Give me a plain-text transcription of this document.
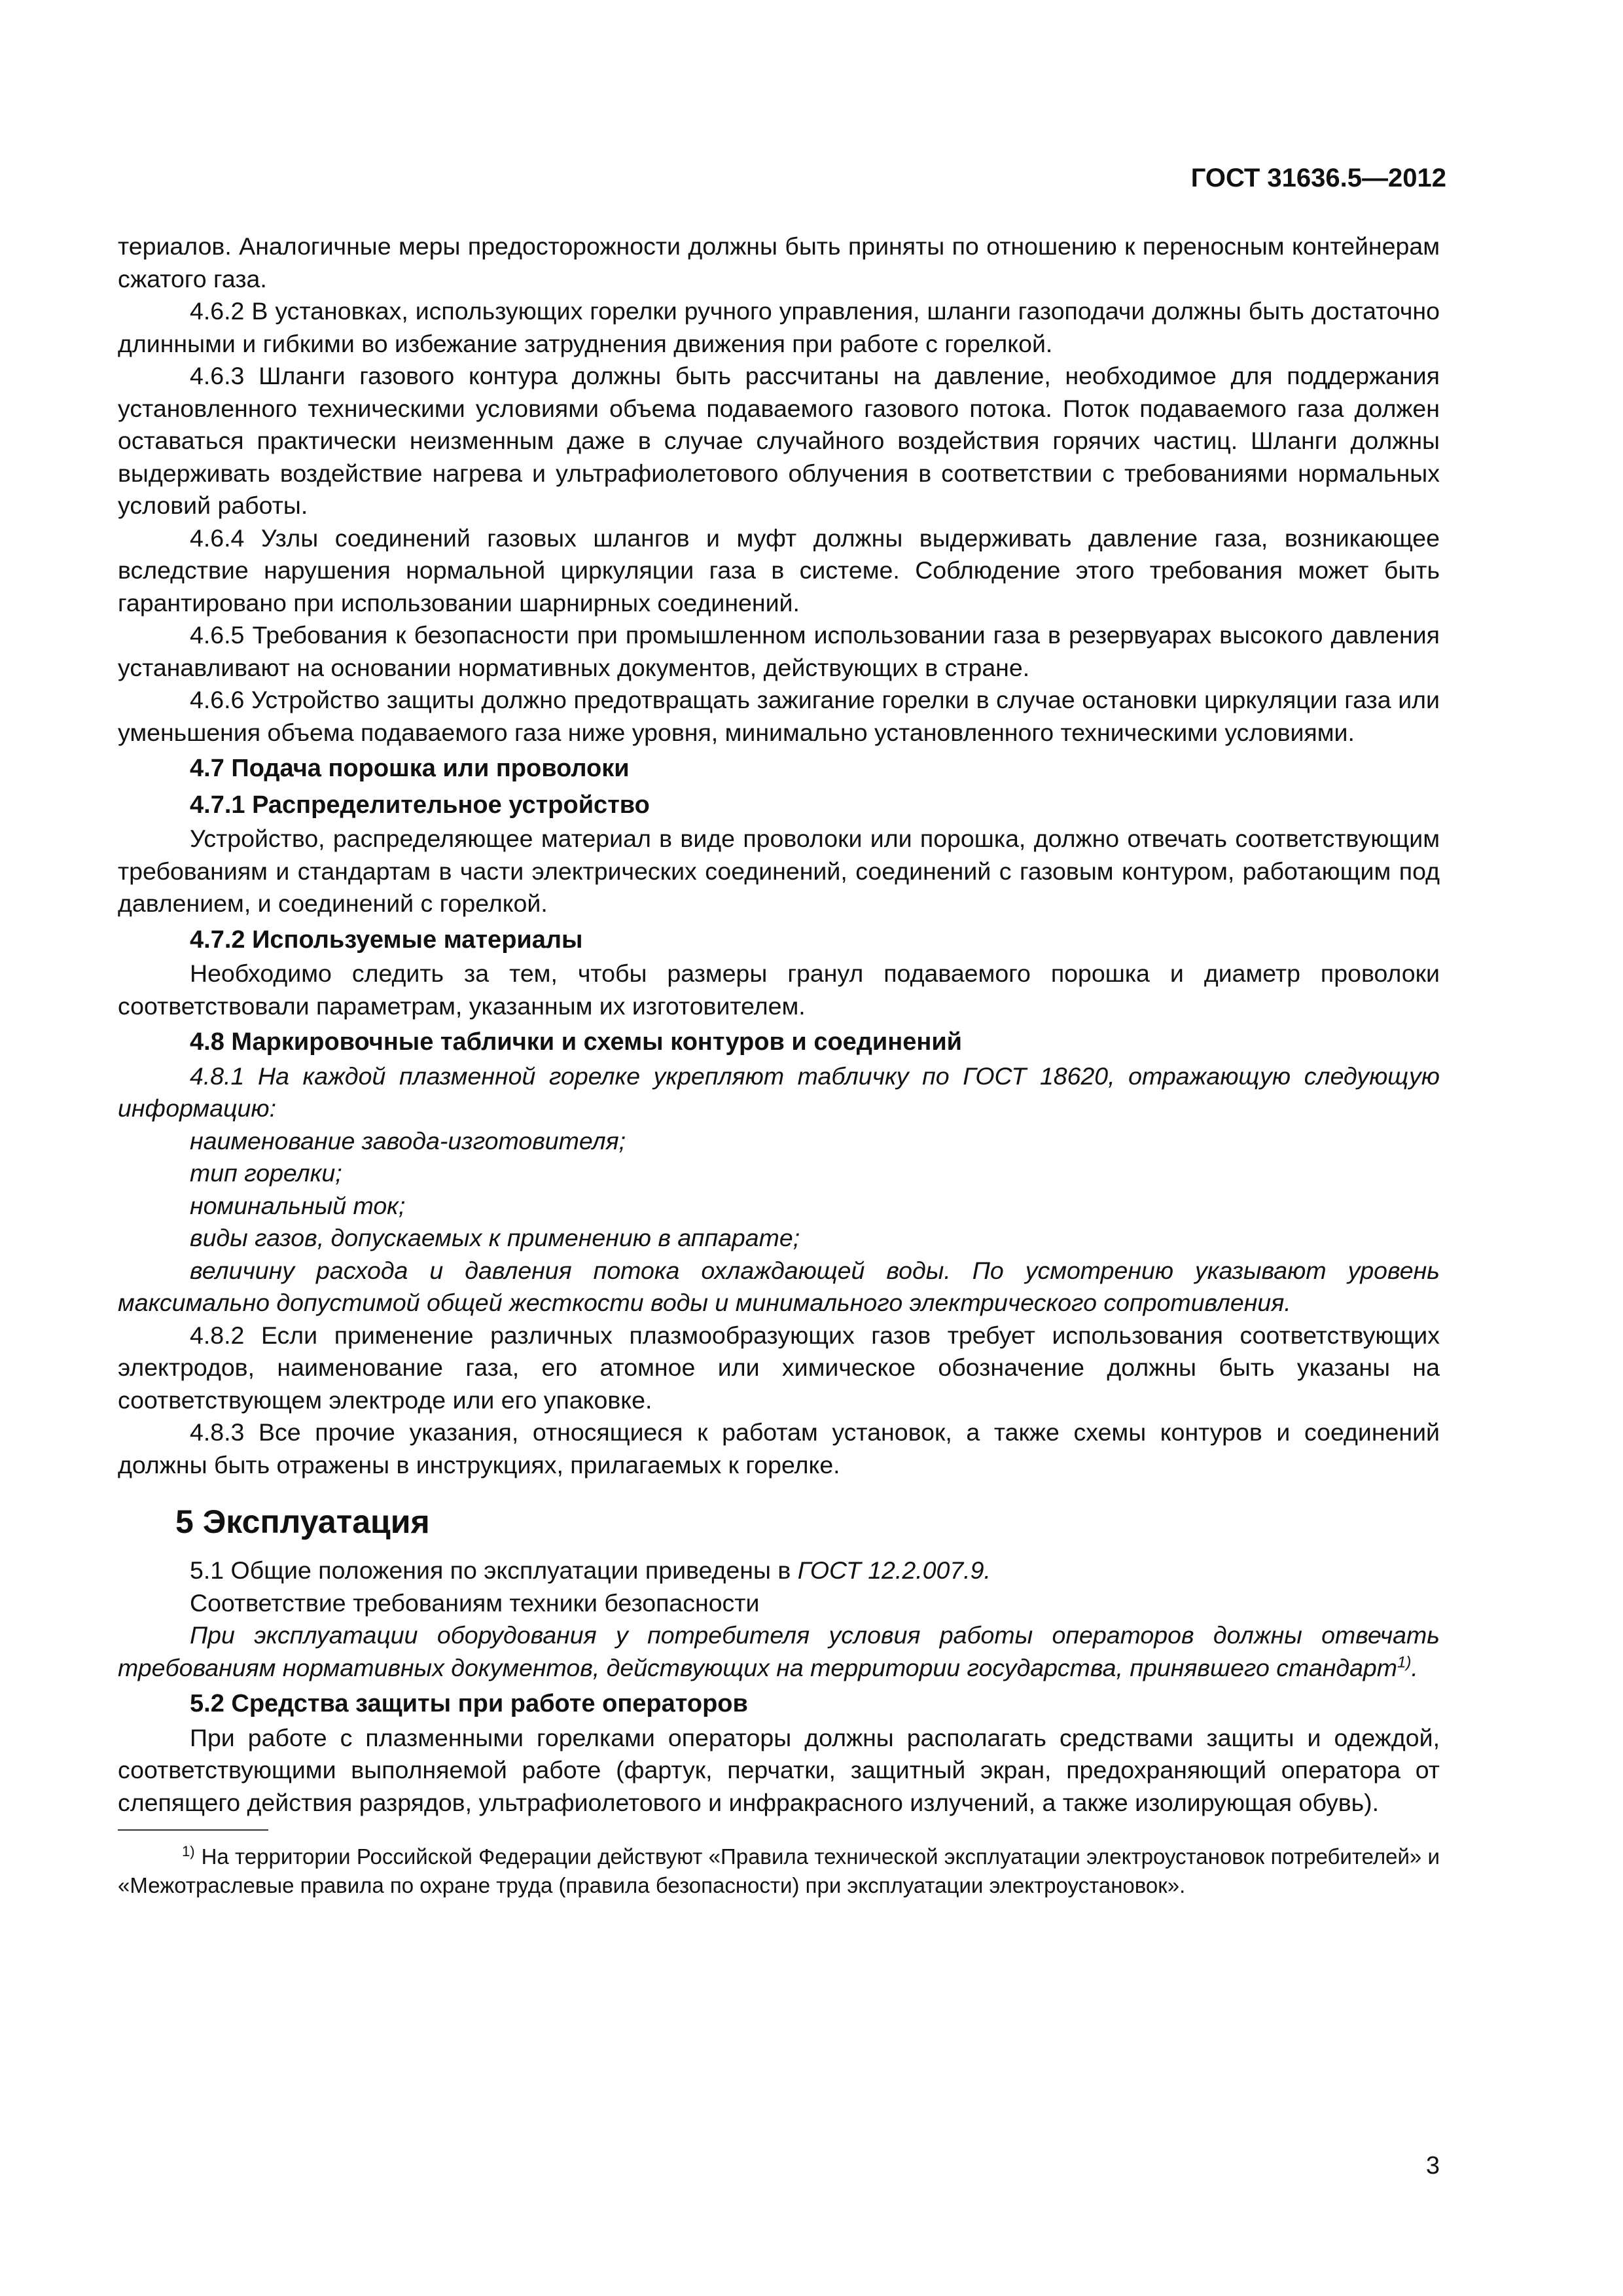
ГОСТ 31636.5—2012

териалов. Аналогичные меры предосторожности должны быть приняты по отношению к переносным контейнерам сжатого газа.

4.6.2 В установках, использующих горелки ручного управления, шланги газоподачи должны быть достаточно длинными и гибкими во избежание затруднения движения при работе с горелкой.

4.6.3 Шланги газового контура должны быть рассчитаны на давление, необходимое для поддержания установленного техническими условиями объема подаваемого газового потока. Поток подаваемого газа должен оставаться практически неизменным даже в случае случайного воздействия горячих частиц. Шланги должны выдерживать воздействие нагрева и ультрафиолетового облучения в соответствии с требованиями нормальных условий работы.

4.6.4 Узлы соединений газовых шлангов и муфт должны выдерживать давление газа, возникающее вследствие нарушения нормальной циркуляции газа в системе. Соблюдение этого требования может быть гарантировано при использовании шарнирных соединений.

4.6.5 Требования к безопасности при промышленном использовании газа в резервуарах высокого давления устанавливают на основании нормативных документов, действующих в стране.

4.6.6 Устройство защиты должно предотвращать зажигание горелки в случае остановки циркуляции газа или уменьшения объема подаваемого газа ниже уровня, минимально установленного техническими условиями.

4.7 Подача порошка или проволоки

4.7.1 Распределительное устройство

Устройство, распределяющее материал в виде проволоки или порошка, должно отвечать соответствующим требованиям и стандартам в части электрических соединений, соединений с газовым контуром, работающим под давлением, и соединений с горелкой.

4.7.2 Используемые материалы

Необходимо следить за тем, чтобы размеры гранул подаваемого порошка и диаметр проволоки соответствовали параметрам, указанным их изготовителем.

4.8 Маркировочные таблички и схемы контуров и соединений

4.8.1 На каждой плазменной горелке укрепляют табличку по ГОСТ 18620, отражающую следующую информацию:

наименование завода-изготовителя;

тип горелки;

номинальный ток;

виды газов, допускаемых к применению в аппарате;

величину расхода и давления потока охлаждающей воды. По усмотрению указывают уровень максимально допустимой общей жесткости воды и минимального электрического сопротивления.

4.8.2 Если применение различных плазмообразующих газов требует использования соответствующих электродов, наименование газа, его атомное или химическое обозначение должны быть указаны на соответствующем электроде или его упаковке.

4.8.3 Все прочие указания, относящиеся к работам установок, а также схемы контуров и соединений должны быть отражены в инструкциях, прилагаемых к горелке.

5 Эксплуатация

5.1 Общие положения по эксплуатации приведены в ГОСТ 12.2.007.9.

Соответствие требованиям техники безопасности

При эксплуатации оборудования у потребителя условия работы операторов должны отвечать требованиям нормативных документов, действующих на территории государства, принявшего стандарт$^{1)}$.

5.2 Средства защиты при работе операторов

При работе с плазменными горелками операторы должны располагать средствами защиты и одеждой, соответствующими выполняемой работе (фартук, перчатки, защитный экран, предохраняющий оператора от слепящего действия разрядов, ультрафиолетового и инфракрасного излучений, а также изолирующая обувь).

$^{1)}$ На территории Российской Федерации действуют «Правила технической эксплуатации электроустановок потребителей» и «Межотраслевые правила по охране труда (правила безопасности) при эксплуатации электроустановок».

3
